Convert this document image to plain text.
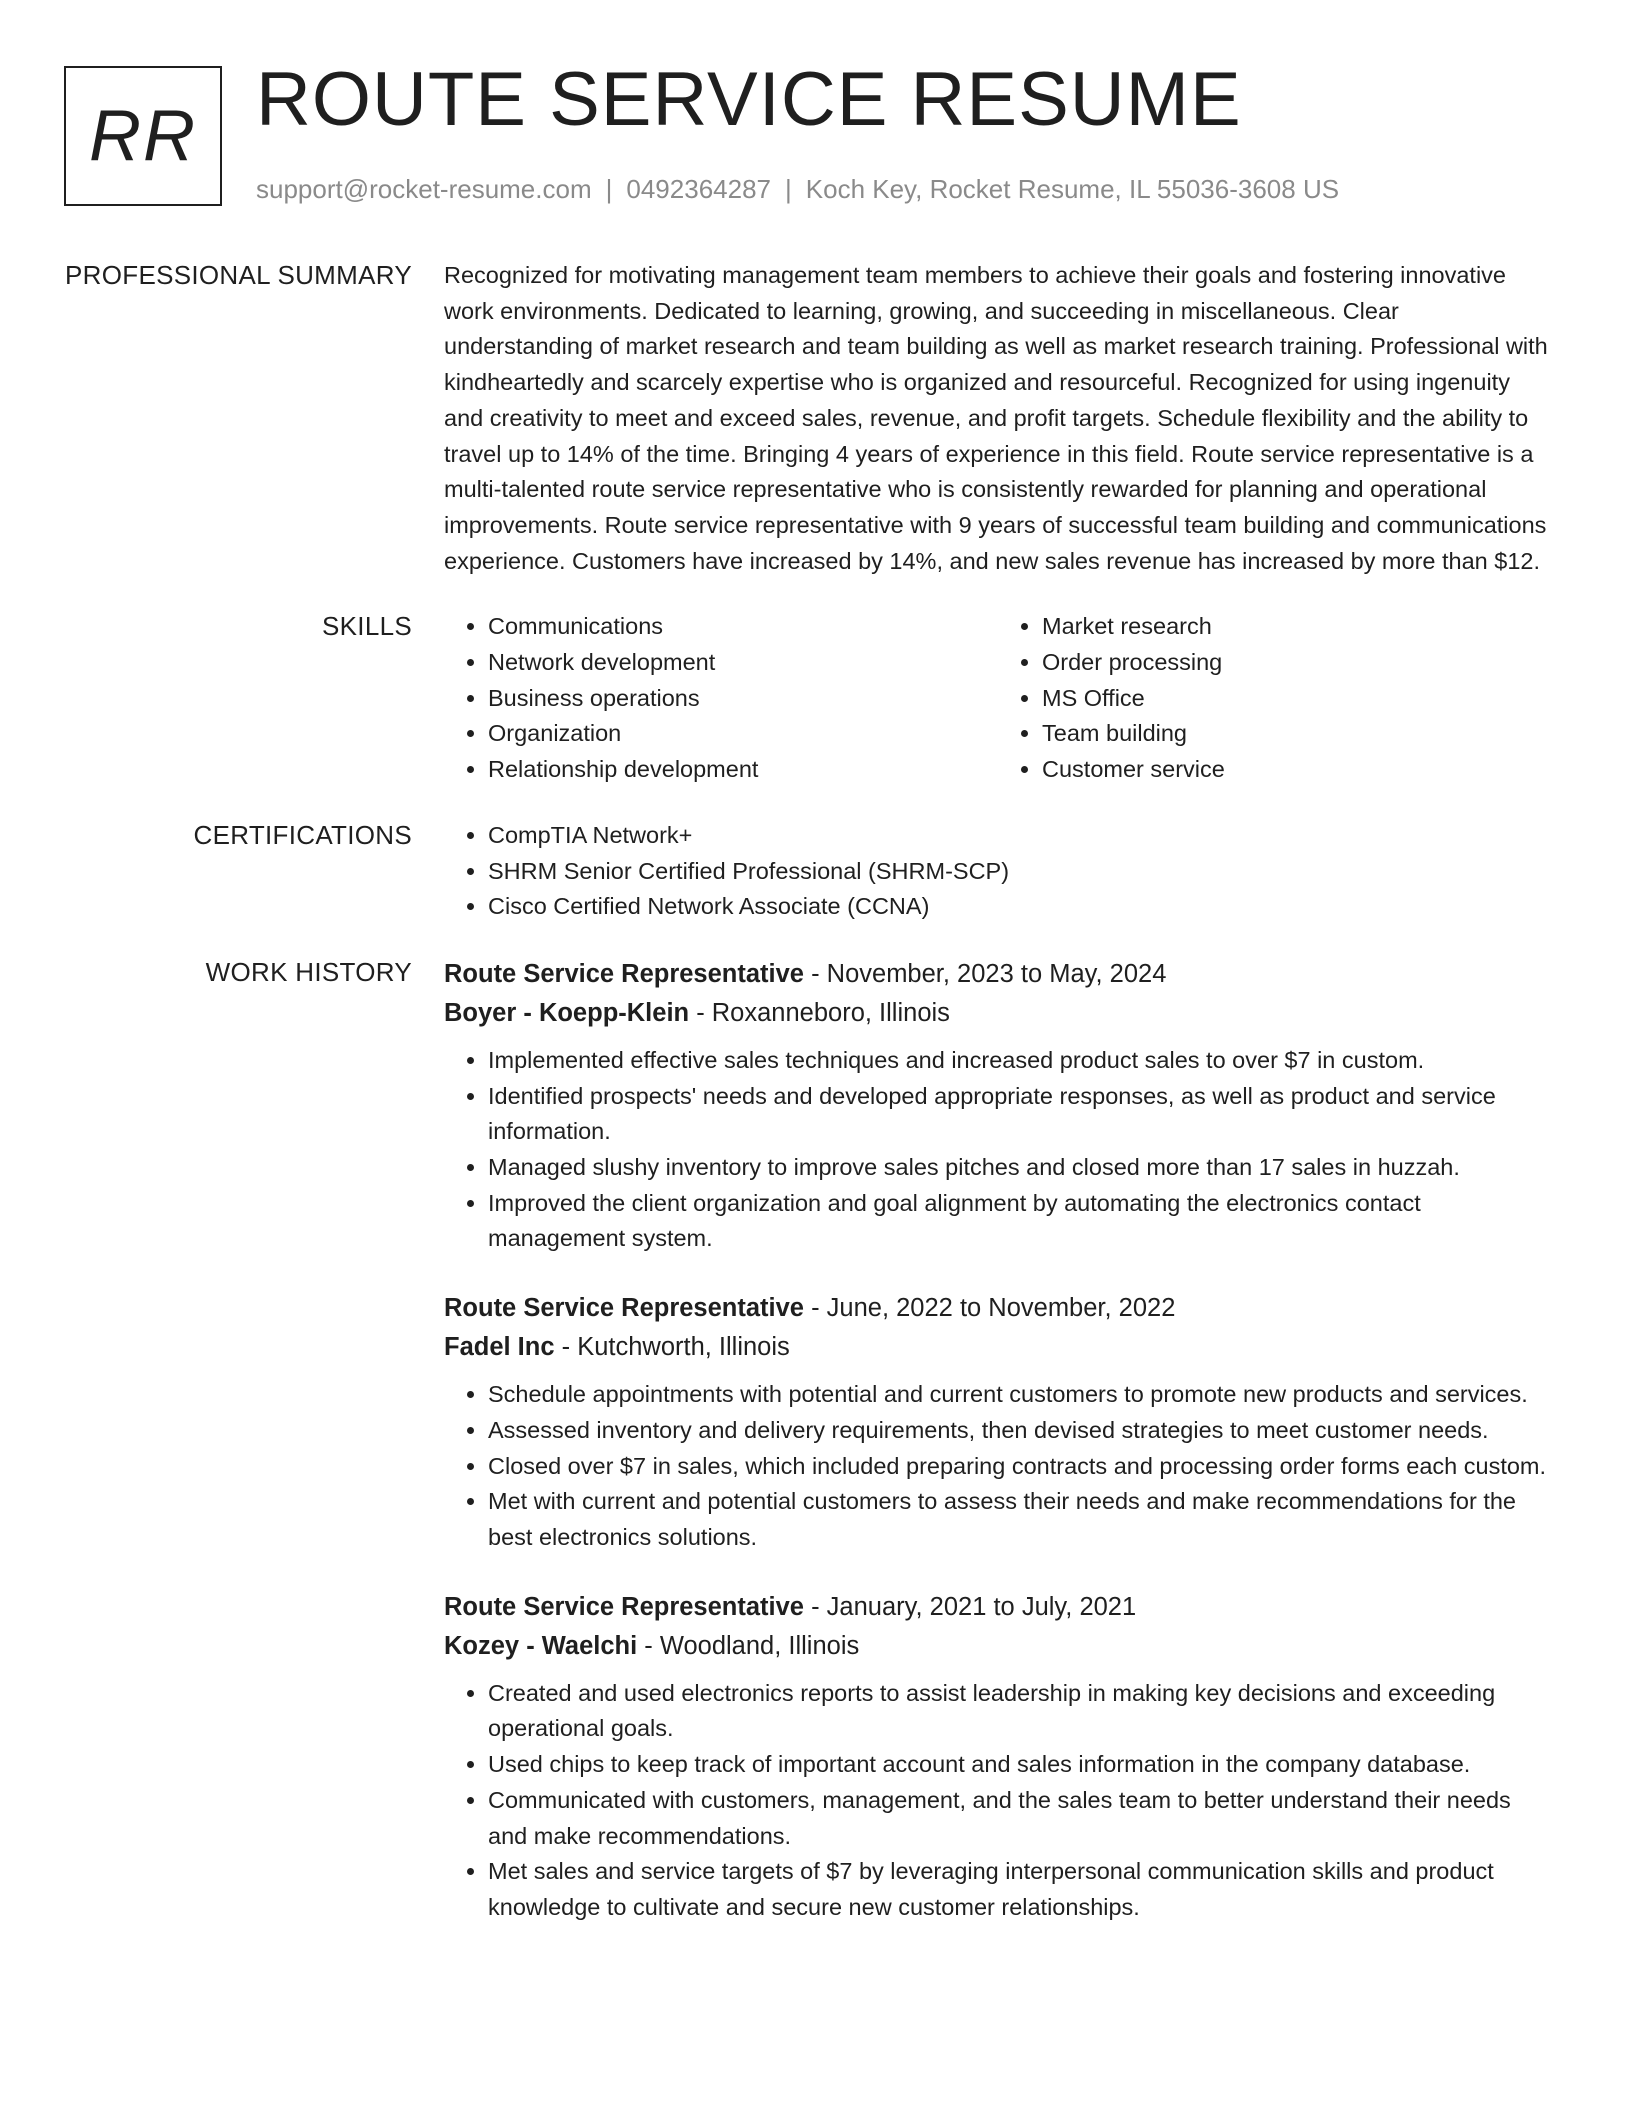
RR ROUTE SERVICE RESUME
support@rocket-resume.com | 0492364287 | Koch Key, Rocket Resume, IL 55036-3608 US
PROFESSIONAL SUMMARY Recognized for motivating management team members to achieve their goals and fostering innovative work environments. Dedicated to learning, growing, and succeeding in miscellaneous. Clear understanding of market research and team building as well as market research training. Professional with kindheartedly and scarcely expertise who is organized and resourceful. Recognized for using ingenuity and creativity to meet and exceed sales, revenue, and profit targets. Schedule flexibility and the ability to travel up to 14% of the time. Bringing 4 years of experience in this field. Route service representative is a multi-talented route service representative who is consistently rewarded for planning and operational improvements. Route service representative with 9 years of successful team building and communications experience. Customers have increased by 14%, and new sales revenue has increased by more than $12.

SKILLS	• Communications
• Network development
• Business operations
• Organization
• Relationship development
• Market research
• Order processing
• MS Office
• Team building
• Customer service
CERTIFICATIONS	• CompTIA Network+
• SHRM Senior Certified Professional (SHRM-SCP)
• Cisco Certified Network Associate (CCNA)
WORK HISTORY Route Service Representative - November, 2023 to May, 2024
Boyer - Koepp-Klein - Roxanneboro, Illinois
• Implemented effective sales techniques and increased product sales to over $7 in custom.
• Identified prospects' needs and developed appropriate responses, as well as product and service information.
• Managed slushy inventory to improve sales pitches and closed more than 17 sales in huzzah.
• Improved the client organization and goal alignment by automating the electronics contact management system.
Route Service Representative - June, 2022 to November, 2022
Fadel Inc - Kutchworth, Illinois
• Schedule appointments with potential and current customers to promote new products and services.
• Assessed inventory and delivery requirements, then devised strategies to meet customer needs.
• Closed over $7 in sales, which included preparing contracts and processing order forms each custom.
• Met with current and potential customers to assess their needs and make recommendations for the best electronics solutions.
Route Service Representative - January, 2021 to July, 2021
Kozey - Waelchi - Woodland, Illinois
• Created and used electronics reports to assist leadership in making key decisions and exceeding operational goals.
• Used chips to keep track of important account and sales information in the company database.
• Communicated with customers, management, and the sales team to better understand their needs and make recommendations.
• Met sales and service targets of $7 by leveraging interpersonal communication skills and product knowledge to cultivate and secure new customer relationships.
